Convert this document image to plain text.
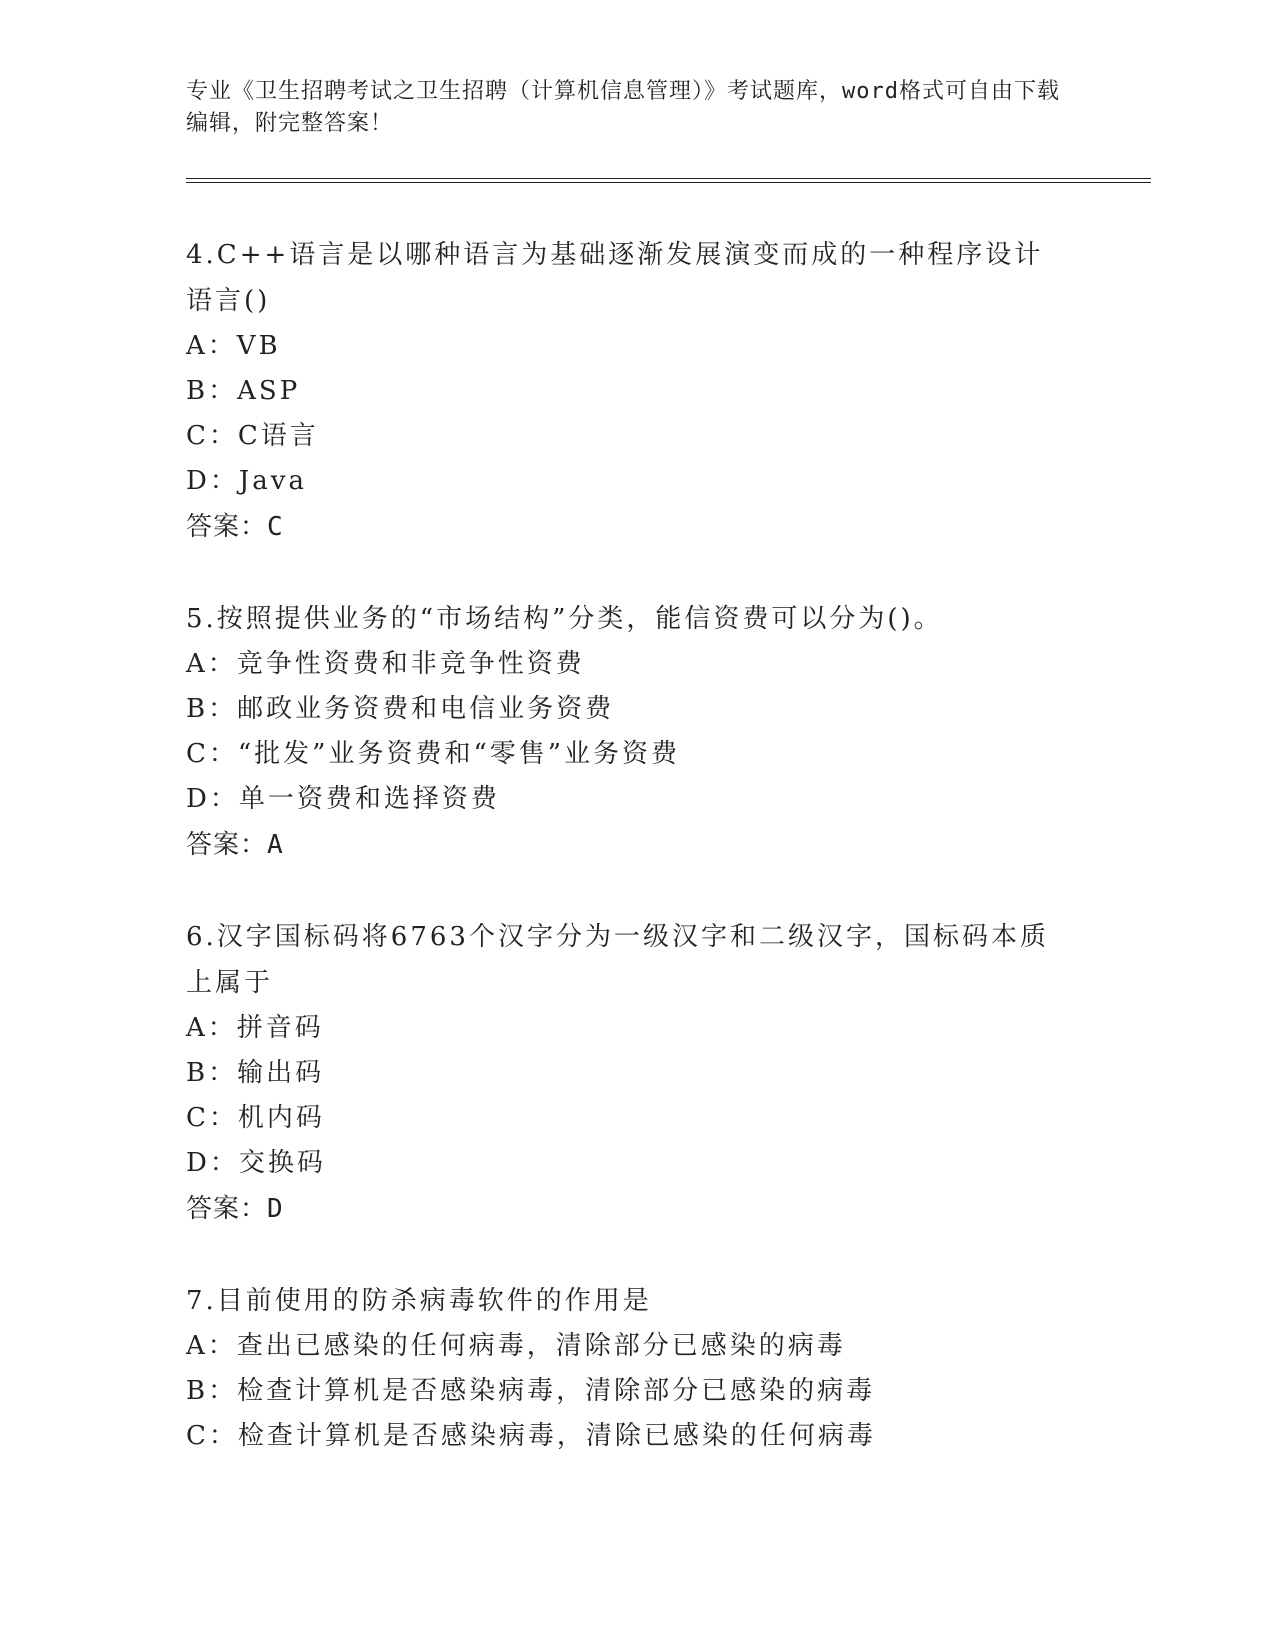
专业《卫生招聘考试之卫生招聘（计算机信息管理）》考试题库，word格式可自由下载编辑，附完整答案！

4.C++语言是以哪种语言为基础逐渐发展演变而成的一种程序设计语言()

A：VB

B：ASP

C：C语言

D：Java

答案：C

5.按照提供业务的“市场结构”分类，能信资费可以分为()。

A：竞争性资费和非竞争性资费

B：邮政业务资费和电信业务资费

C：“批发”业务资费和“零售”业务资费

D：单一资费和选择资费

答案：A

6.汉字国标码将6763个汉字分为一级汉字和二级汉字，国标码本质上属于

A：拼音码

B：输出码

C：机内码

D：交换码

答案：D

7.目前使用的防杀病毒软件的作用是

A：查出已感染的任何病毒，清除部分已感染的病毒

B：检查计算机是否感染病毒，清除部分已感染的病毒

C：检查计算机是否感染病毒，清除已感染的任何病毒
